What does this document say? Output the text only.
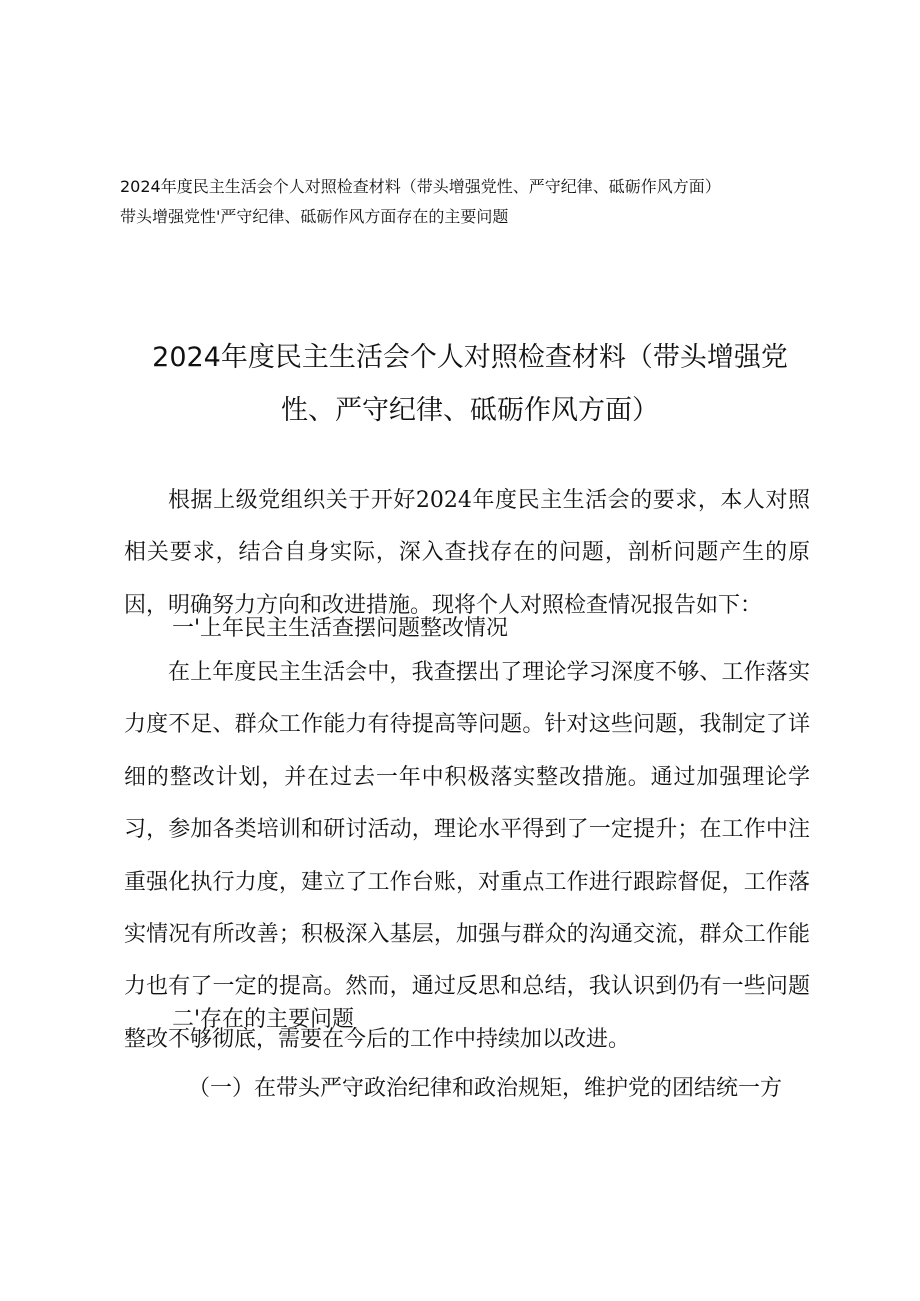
2024年度民主生活会个人对照检查材料（带头增强党性、严守纪律、砥砺作风方面）
带头增强党性'严守纪律、砥砺作风方面存在的主要问题
2024年度民主生活会个人对照检查材料（带头增强党
性、严守纪律、砥砺作风方面）

根据上级党组织关于开好2024年度民主生活会的要求，本人对照相关要求，结合自身实际，深入查找存在的问题，剖析问题产生的原因，明确努力方向和改进措施。现将个人对照检查情况报告如下：

一'上年民主生活查摆问题整改情况

在上年度民主生活会中，我查摆出了理论学习深度不够、工作落实力度不足、群众工作能力有待提高等问题。针对这些问题，我制定了详细的整改计划，并在过去一年中积极落实整改措施。通过加强理论学习，参加各类培训和研讨活动，理论水平得到了一定提升；在工作中注重强化执行力度，建立了工作台账，对重点工作进行跟踪督促，工作落实情况有所改善；积极深入基层，加强与群众的沟通交流，群众工作能力也有了一定的提高。然而，通过反思和总结，我认识到仍有一些问题整改不够彻底，需要在今后的工作中持续加以改进。

二'存在的主要问题
（一）在带头严守政治纪律和政治规矩，维护党的团结统一方
